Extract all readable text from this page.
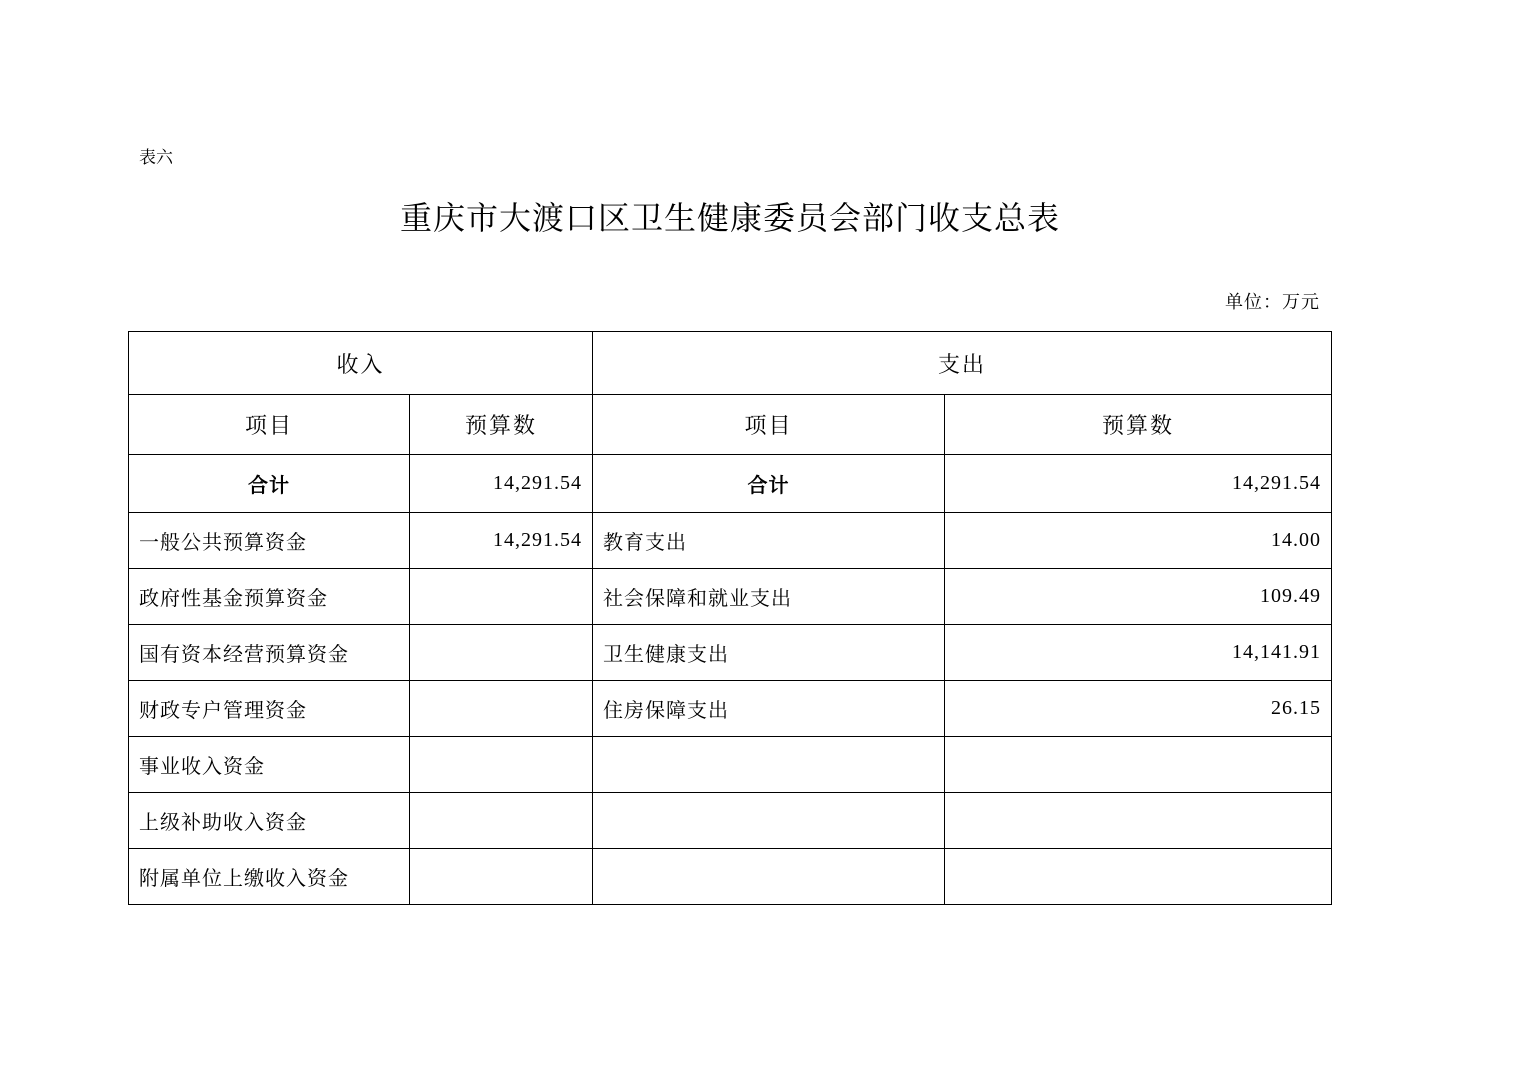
表六
重庆市大渡口区卫生健康委员会部门收支总表
单位：万元
收入		支出	
项目	预算数	项目	预算数
合计	14,291.54	合计	14,291.54
一般公共预算资金	14,291.54	教育支出	14.00
政府性基金预算资金		社会保障和就业支出	109.49
国有资本经营预算资金		卫生健康支出	14,141.91
财政专户管理资金		住房保障支出	26.15
事业收入资金			
上级补助收入资金			
附属单位上缴收入资金			
